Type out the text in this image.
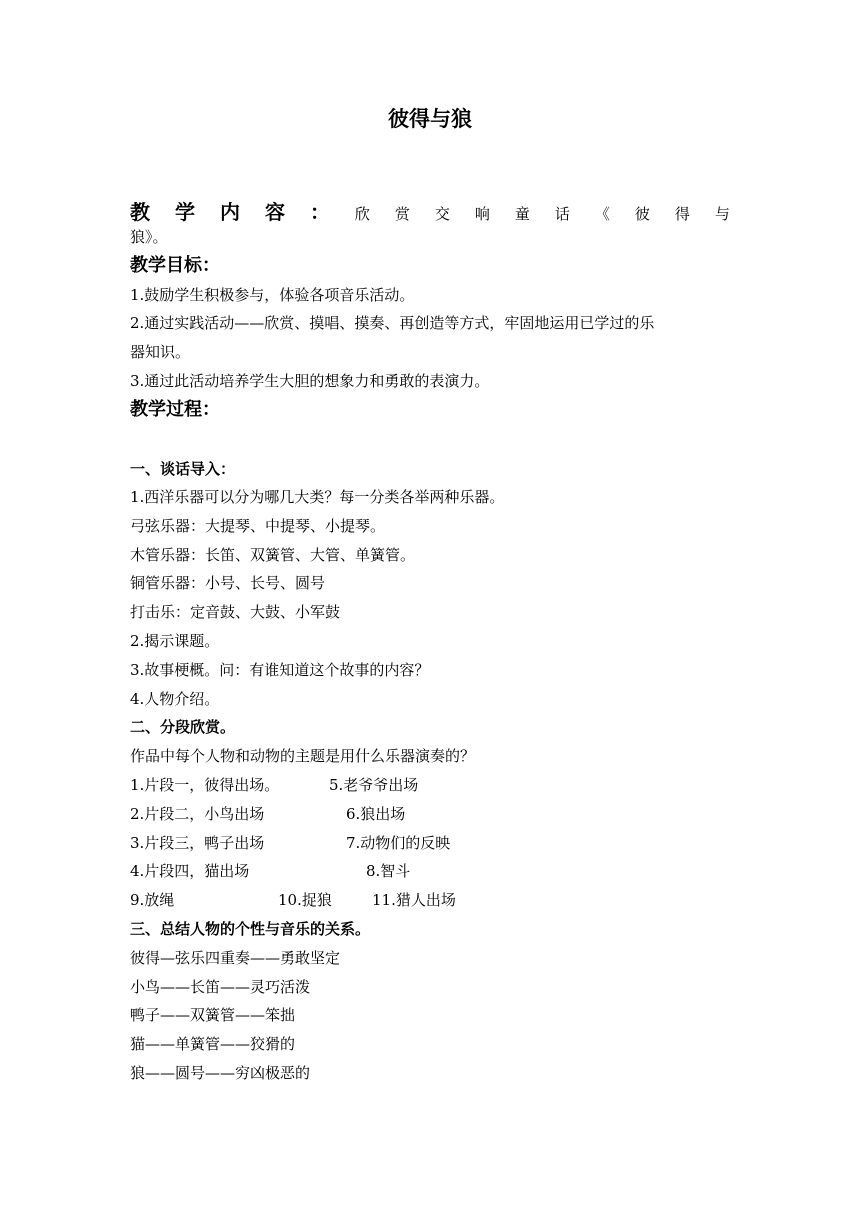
彼得与狼
教 学 内 容 ： 欣 赏 交 响 童 话 《 彼 得 与
狼》。
教学目标：
1.鼓励学生积极参与，体验各项音乐活动。
2.通过实践活动——欣赏、摸唱、摸奏、再创造等方式，牢固地运用已学过的乐
器知识。
3.通过此活动培养学生大胆的想象力和勇敢的表演力。
教学过程：
一、谈话导入：
1.西洋乐器可以分为哪几大类？每一分类各举两种乐器。
弓弦乐器：大提琴、中提琴、小提琴。
木管乐器：长笛、双簧管、大管、单簧管。
铜管乐器：小号、长号、圆号
打击乐：定音鼓、大鼓、小军鼓
2.揭示课题。
3.故事梗概。问：有谁知道这个故事的内容？
4.人物介绍。
二、分段欣赏。
作品中每个人物和动物的主题是用什么乐器演奏的？
1.片段一，彼得出场。	5.老爷爷出场
2.片段二，小鸟出场	6.狼出场
3.片段三，鸭子出场	7.动物们的反映
4.片段四，猫出场	8.智斗
9.放绳	10.捉狼	11.猎人出场
三、总结人物的个性与音乐的关系。
彼得—弦乐四重奏——勇敢坚定
小鸟——长笛——灵巧活泼
鸭子——双簧管——笨拙
猫——单簧管——狡猾的
狼——圆号——穷凶极恶的
